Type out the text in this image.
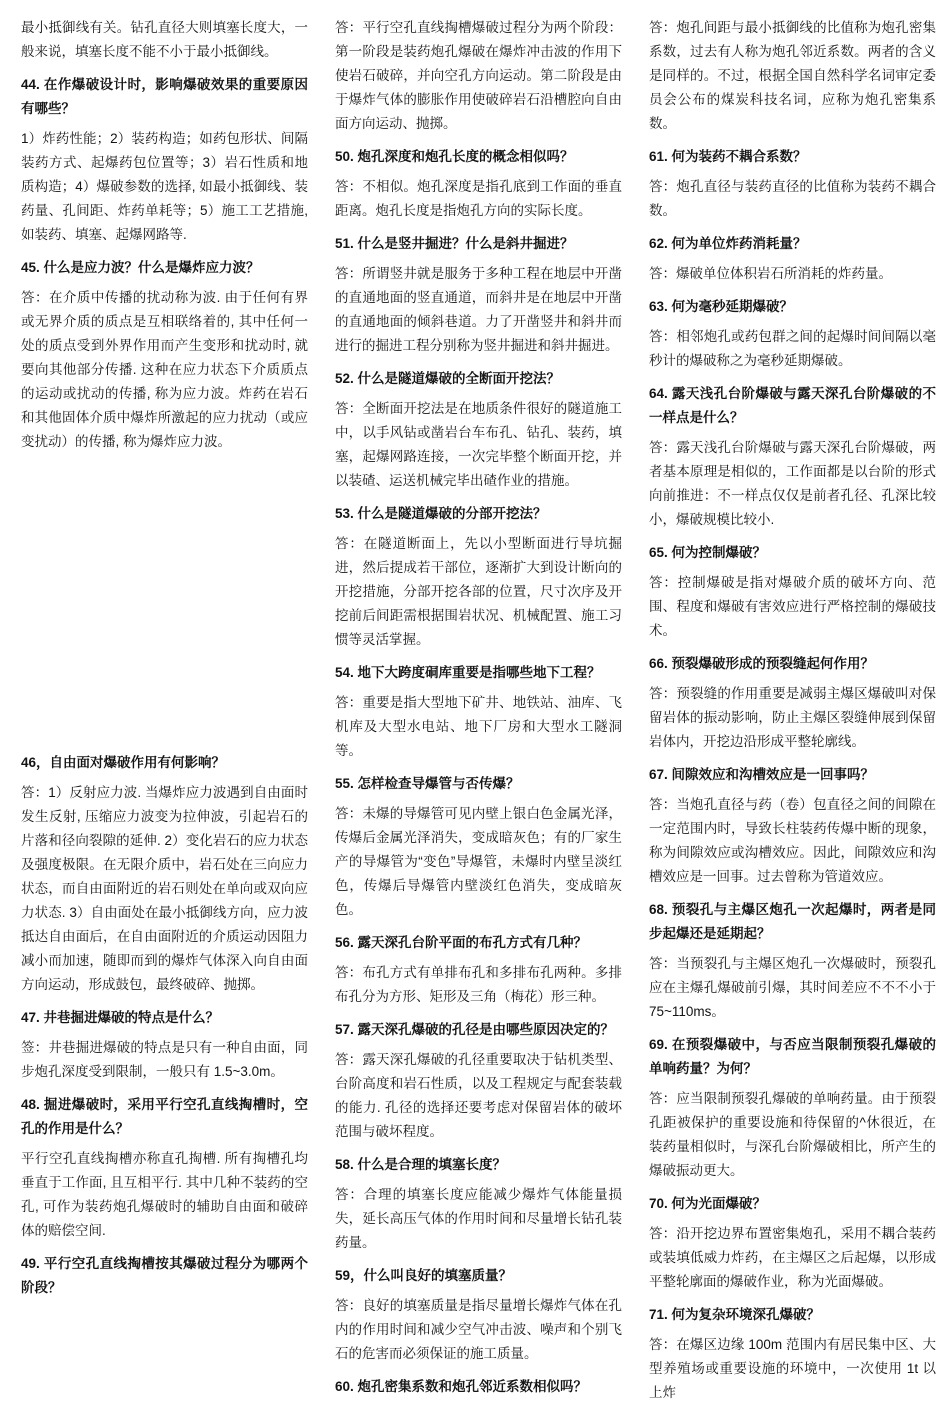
最小抵御线有关。钻孔直径大则填塞长度大，一般来说，填塞长度不能不小于最小抵御线。

44. 在作爆破设计时，影响爆破效果的重要原因有哪些？

1）炸药性能；2）装药构造；如药包形状、间隔装药方式、起爆药包位置等；3）岩石性质和地质构造；4）爆破参数的选择, 如最小抵御线、装药量、孔间距、炸药单耗等；5）施工工艺措施, 如装药、填塞、起爆网路等.

45. 什么是应力波？什么是爆炸应力波？

答：在介质中传播的扰动称为波. 由于任何有界或无界介质的质点是互相联络着的, 其中任何一处的质点受到外界作用而产生变形和扰动时, 就要向其他部分传播. 这种在应力状态下介质质点的运动或扰动的传播, 称为应力波。炸药在岩石和其他固体介质中爆炸所激起的应力扰动（或应变扰动）的传播, 称为爆炸应力波。

46，自由面对爆破作用有何影响？

答：1）反射应力波. 当爆炸应力波遇到自由面时发生反射, 压缩应力波变为拉伸波，引起岩石的片落和径向裂隙的延伸. 2）变化岩石的应力状态及强度极限。在无限介质中，岩石处在三向应力状态，而自由面附近的岩石则处在单向或双向应力状态. 3）自由面处在最小抵御线方向，应力波抵达自由面后，在自由面附近的介质运动因阻力减小而加速，随即而到的爆炸气体深入向自由面方向运动，形成鼓包，最终破碎、抛掷。

47. 井巷掘进爆破的特点是什么？

签：井巷掘进爆破的特点是只有一种自由面，同步炮孔深度受到限制，一般只有 1.5~3.0m。

48. 掘进爆破时，采用平行空孔直线掏槽时，空孔的作用是什么？

平行空孔直线掏槽亦称直孔掏槽. 所有掏槽孔均垂直于工作面, 且互相平行. 其中几种不装药的空孔, 可作为装药炮孔爆破时的辅助自由面和破碎体的赔偿空间.

49. 平行空孔直线掏槽按其爆破过程分为哪两个阶段？

答：平行空孔直线掏槽爆破过程分为两个阶段：第一阶段是装药炮孔爆破在爆炸冲击波的作用下使岩石破碎，并向空孔方向运动。第二阶段是由于爆炸气体的膨胀作用使破碎岩石沿槽腔向自由面方向运动、抛掷。

50. 炮孔深度和炮孔长度的概念相似吗？

答：不相似。炮孔深度是指孔底到工作面的垂直距离。炮孔长度是指炮孔方向的实际长度。

51. 什么是竖井掘进？什么是斜井掘进？

答：所谓竖井就是服务于多种工程在地层中开凿的直通地面的竖直通道，而斜井是在地层中开凿的直通地面的倾斜巷道。力了开凿竖井和斜井而进行的掘进工程分别称为竖井掘进和斜井掘进。

52. 什么是隧道爆破的全断面开挖法？

答：全断面开挖法是在地质条件很好的隧道施工中，以手风钻或凿岩台车布孔、钻孔、装药，填塞，起爆网路连接，一次完毕整个断面开挖，并以装碴、运送机械完毕出碴作业的措施。

53. 什么是隧道爆破的分部开挖法？

答：在隧道断面上，先以小型断面进行导坑掘进，然后提成若干部位，逐渐扩大到设计断向的开挖措施，分部开挖各部的位置，尺寸次序及开挖前后间距需根据围岩状况、机械配置、施工习惯等灵活掌握。

54. 地下大跨度硐库重要是指哪些地下工程？

答：重要是指大型地下矿井、地铁站、油库、飞机库及大型水电站、地下厂房和大型水工隧洞等。

55. 怎样检查导爆管与否传爆？

答：未爆的导爆管可见内壁上银白色金属光泽，传爆后金属光泽消失，变成暗灰色；有的厂家生产的导爆管为“变色”导爆管，未爆时内壁呈淡红色，传爆后导爆管内壁淡红色消失，变成暗灰色。

56. 露天深孔台阶平面的布孔方式有几种？

答：布孔方式有单排布孔和多排布孔两种。多排布孔分为方形、矩形及三角（梅花）形三种。

57. 露天深孔爆破的孔径是由哪些原因决定的？

答：露天深孔爆破的孔径重要取决于钻机类型、台阶高度和岩石性质，以及工程规定与配套装载的能力. 孔径的选择还要考虑对保留岩体的破坏范围与破坏程度。

58. 什么是合理的填塞长度？

答：合理的填塞长度应能减少爆炸气体能量损失，延长高压气体的作用时间和尽量增长钻孔装药量。

59，什么叫良好的填塞质量？

答：良好的填塞质量是指尽量增长爆炸气体在孔内的作用时间和减少空气冲击波、噪声和个别飞石的危害而必须保证的施工质量。

60. 炮孔密集系数和炮孔邻近系数相似吗？

答：炮孔间距与最小抵御线的比值称为炮孔密集系数，过去有人称为炮孔邻近系数。两者的含义是同样的。不过，根据全国自然科学名词审定委员会公布的煤炭科技名词，应称为炮孔密集系数。

61. 何为装药不耦合系数？

答：炮孔直径与装药直径的比值称为装药不耦合数。

62. 何为单位炸药消耗量？

答：爆破单位体积岩石所消耗的炸药量。

63. 何为毫秒延期爆破？

答：相邻炮孔或药包群之间的起爆时间间隔以毫秒计的爆破称之为毫秒延期爆破。

64. 露天浅孔台阶爆破与露天深孔台阶爆破的不一样点是什么？

答：露天浅孔台阶爆破与露天深孔台阶爆破，两者基本原理是相似的，工作面都是以台阶的形式向前推进：不一样点仅仅是前者孔径、孔深比较小，爆破规模比较小.

65. 何为控制爆破？

答：控制爆破是指对爆破介质的破坏方向、范围、程度和爆破有害效应进行严格控制的爆破技术。

66. 预裂爆破形成的预裂缝起何作用？

答：预裂缝的作用重要是减弱主爆区爆破叫对保留岩体的振动影响，防止主爆区裂缝伸展到保留岩体内，开挖边沿形成平整轮廓线。

67. 间隙效应和沟槽效应是一回事吗？

答：当炮孔直径与药（卷）包直径之间的间隙在一定范围内时，导致长柱装药传爆中断的现象，称为间隙效应或沟槽效应。因此，间隙效应和沟槽效应是一回事。过去曾称为管道效应。

68. 预裂孔与主爆区炮孔一次起爆时，两者是同步起爆还是延期起？

答：当预裂孔与主爆区炮孔一次爆破时，预裂孔应在主爆孔爆破前引爆，其时间差应不不不小于75~110ms。

69. 在预裂爆破中，与否应当限制预裂孔爆破的单响药量？为何？

答：应当限制预裂孔爆破的单响药量。由于预裂孔距被保护的重要设施和待保留的^休很近，在装药量相似时，与深孔台阶爆破相比，所产生的爆破振动更大。

70. 何为光面爆破？

答：沿开挖边界布置密集炮孔，采用不耦合装药或装填低威力炸药，在主爆区之后起爆，以形成平整轮廓面的爆破作业，称为光面爆破。

71. 何为复杂环境深孔爆破？

答：在爆区边缘 100m 范围内有居民集中区、大型养殖场或重要设施的环境中，一次使用 1t 以上炸
